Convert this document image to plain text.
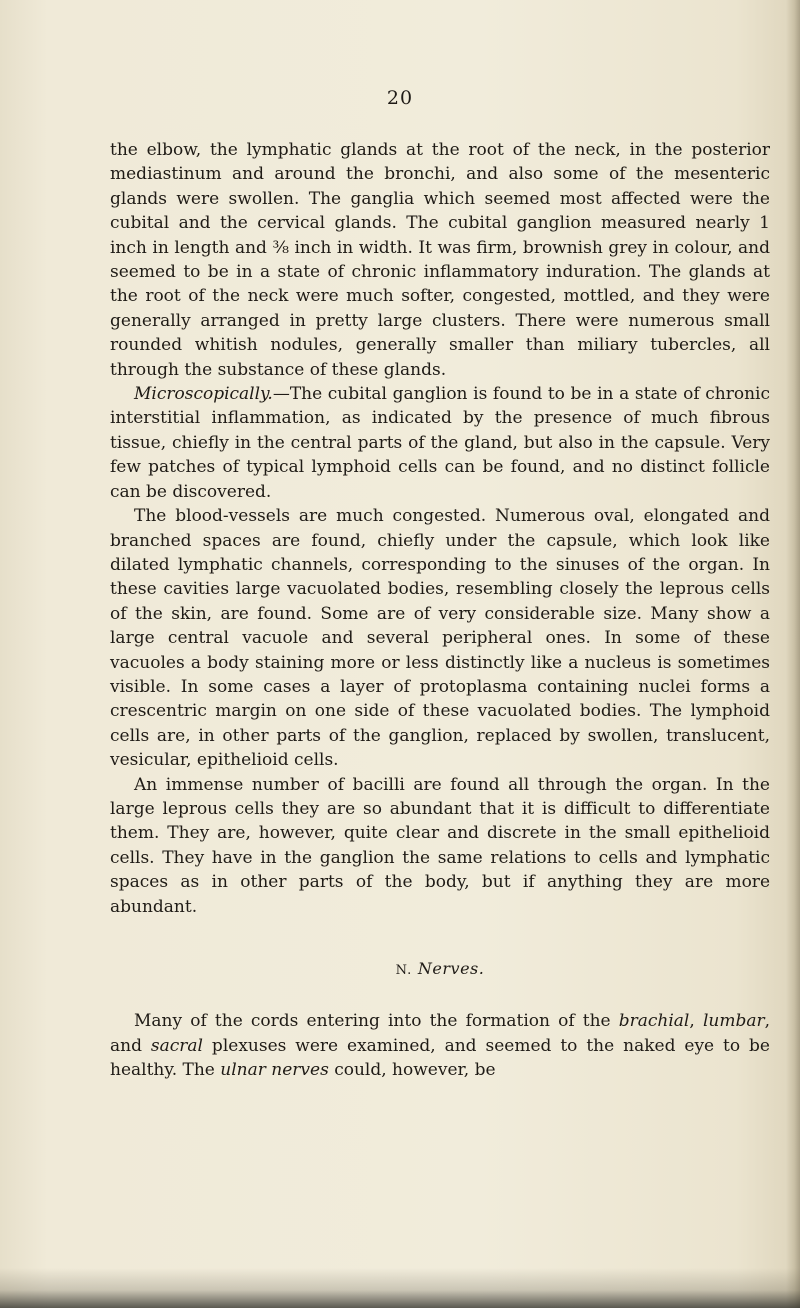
20

the elbow, the lymphatic glands at the root of the neck, in the posterior mediastinum and around the bronchi, and also some of the mesenteric glands were swollen. The ganglia which seemed most affected were the cubital and the cervical glands. The cubital ganglion measured nearly 1 inch in length and ⅜ inch in width. It was firm, brownish grey in colour, and seemed to be in a state of chronic inflammatory induration. The glands at the root of the neck were much softer, congested, mottled, and they were generally arranged in pretty large clusters. There were numerous small rounded whitish nodules, generally smaller than miliary tubercles, all through the substance of these glands.

Microscopically.—The cubital ganglion is found to be in a state of chronic interstitial inflammation, as indicated by the presence of much fibrous tissue, chiefly in the central parts of the gland, but also in the capsule. Very few patches of typical lymphoid cells can be found, and no distinct follicle can be discovered.

The blood-vessels are much congested. Numerous oval, elongated and branched spaces are found, chiefly under the capsule, which look like dilated lymphatic channels, corresponding to the sinuses of the organ. In these cavities large vacuolated bodies, resembling closely the leprous cells of the skin, are found. Some are of very considerable size. Many show a large central vacuole and several peripheral ones. In some of these vacuoles a body staining more or less distinctly like a nucleus is sometimes visible. In some cases a layer of protoplasma containing nuclei forms a crescentric margin on one side of these vacuolated bodies. The lymphoid cells are, in other parts of the ganglion, replaced by swollen, translucent, vesicular, epithelioid cells.

An immense number of bacilli are found all through the organ. In the large leprous cells they are so abundant that it is difficult to differentiate them. They are, however, quite clear and discrete in the small epithelioid cells. They have in the ganglion the same relations to cells and lymphatic spaces as in other parts of the body, but if anything they are more abundant.

N. Nerves.

Many of the cords entering into the formation of the brachial, lumbar, and sacral plexuses were examined, and seemed to the naked eye to be healthy. The ulnar nerves could, however, be
